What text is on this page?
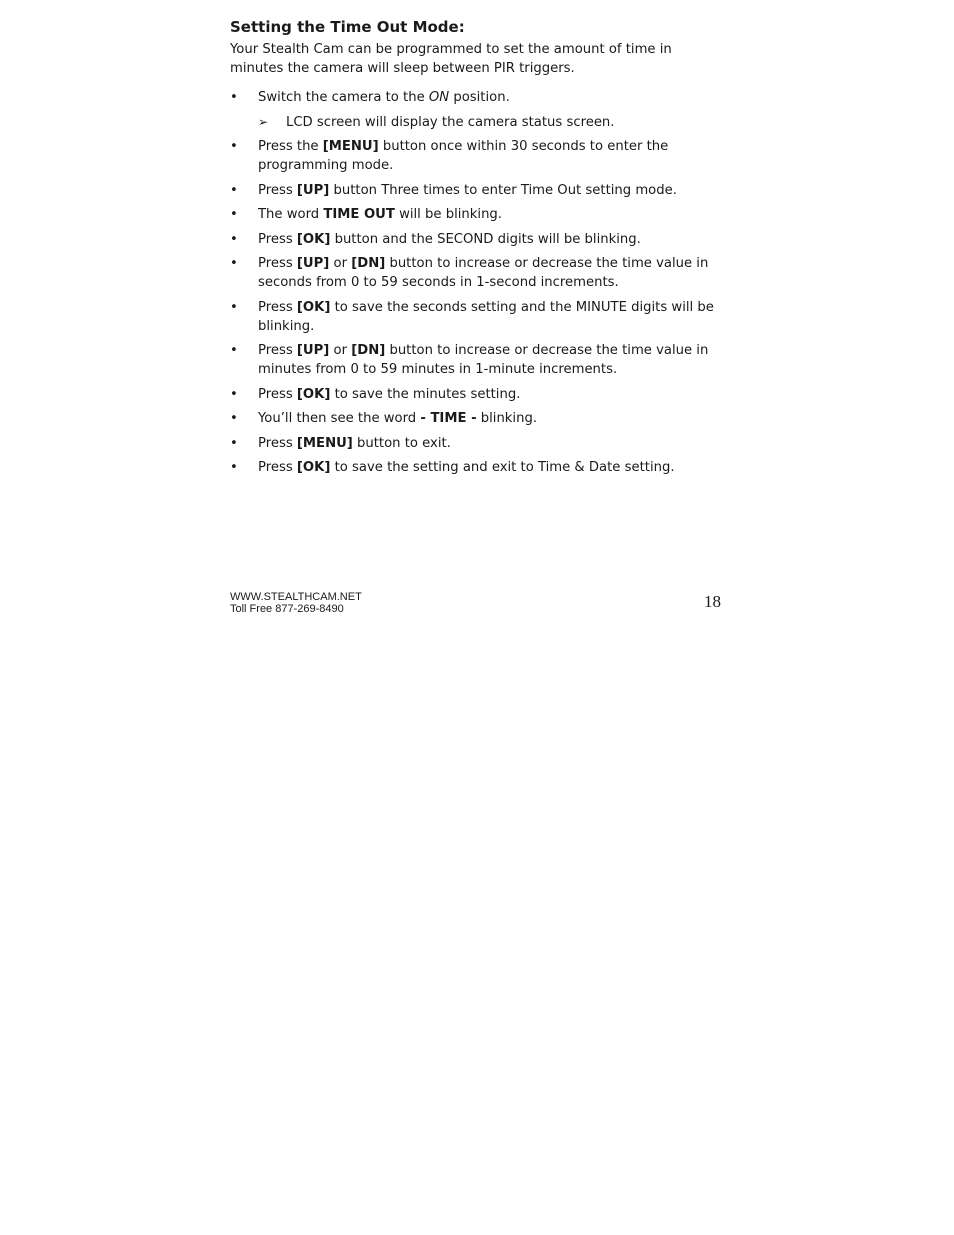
Setting the Time Out Mode:
Your Stealth Cam can be programmed to set the amount of time in minutes the camera will sleep between PIR triggers.
•	Switch the camera to the ON position.
➢ LCD screen will display the camera status screen.
•	Press the [MENU] button once within 30 seconds to enter the programming mode.
•	Press [UP] button Three times to enter Time Out setting mode.
•	The word TIME OUT will be blinking.
•	Press [OK] button and the SECOND digits will be blinking.
•	Press [UP] or [DN] button to increase or decrease the time value in seconds from 0 to 59 seconds in 1-second increments.
•	Press [OK] to save the seconds setting and the MINUTE digits will be blinking.
•	Press [UP] or [DN] button to increase or decrease the time value in minutes from 0 to 59 minutes in 1-minute increments.
•	Press [OK] to save the minutes setting.
•	You’ll then see the word - TIME - blinking.
•	Press [MENU] button to exit.
•	Press [OK] to save the setting and exit to Time & Date setting.
WWW.STEALTHCAM.NET
Toll Free 877-269-8490	18
